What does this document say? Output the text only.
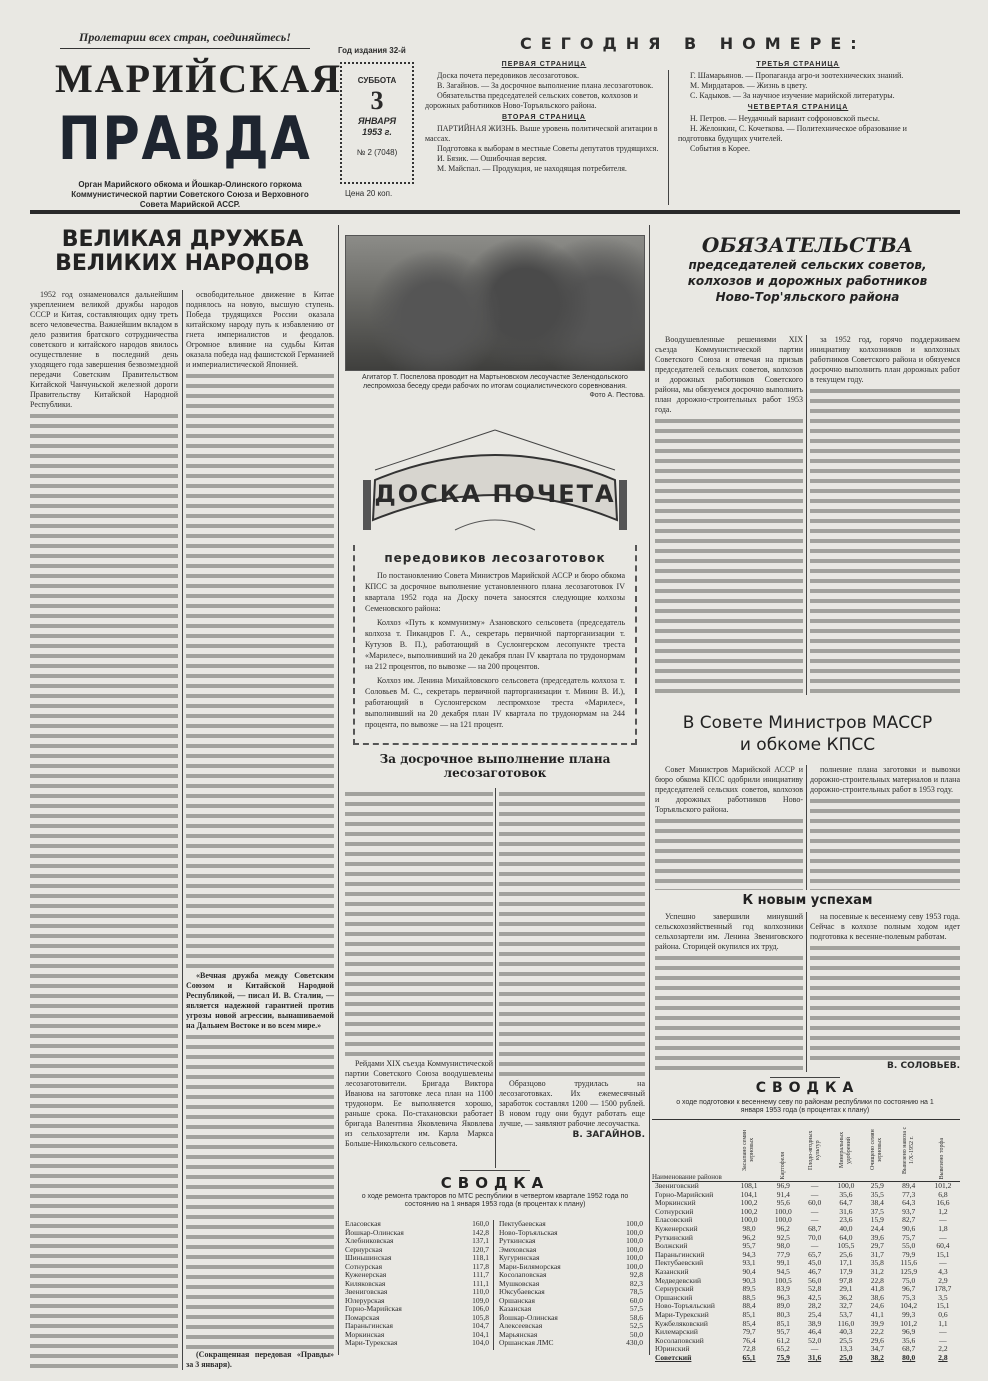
Пролетарии всех стран, соединяйтесь!
МАРИЙСКАЯ
ПРАВДА
Орган Марийского обкома и Йошкар-Олинского горкома Коммунистической партии Советского Союза и Верховного Совета Марийской АССР.
Год издания 32-й
СУББОТА
3
ЯНВАРЯ
1953 г.
№ 2 (7048)
Цена 20 коп.
СЕГОДНЯ В НОМЕРЕ:
ПЕРВАЯ СТРАНИЦА

Доска почета передовиков лесозаготовок.

В. Загайнов. — За досрочное выполнение плана лесозаготовок.

Обязательства председателей сельских советов, колхозов и дорожных работников Ново-Торъяльского района.

ВТОРАЯ СТРАНИЦА

ПАРТИЙНАЯ ЖИЗНЬ. Выше уровень политической агитации в массах.

Подготовка к выборам в местные Советы депутатов трудящихся.

И. Бязик. — Ошибочная версия.

М. Майспал. — Продукция, не находящая потребителя.

ТРЕТЬЯ СТРАНИЦА

Г. Шамарьянов. — Пропаганда агро-и зоотехнических знаний.

М. Мирдатаров. — Жизнь в цвету.

С. Кадыков. — За научное изучение марийской литературы.

ЧЕТВЕРТАЯ СТРАНИЦА

Н. Петров. — Неудачный вариант софроновской пьесы.

Н. Желонкин, С. Кочеткова. — Политехническое образование и подготовка будущих учителей.

События в Корее.

ВЕЛИКАЯ ДРУЖБА
ВЕЛИКИХ НАРОДОВ

1952 год ознаменовался дальнейшим укреплением великой дружбы народов СССР и Китая, составляющих одну треть всего человечества. Важнейшим вкладом в дело развития братского сотрудничества советского и китайского народов явилось осуществление в последний день уходящего года завершения безвозмездной передачи Советским Правительством Китайской Чанчуньской железной дороги Правительству Китайской Народной Республики.

освободительное движение в Китае поднялось на новую, высшую ступень. Победа трудящихся России оказала китайскому народу путь к избавлению от гнета империалистов и феодалов. Огромное влияние на судьбы Китая оказала победа над фашистской Германией и империалистической Японией.

«Вечная дружба между Советским Союзом и Китайской Народной Республикой, — писал И. В. Сталин, — является надежной гарантией против угрозы новой агрессии, вынашиваемой на Дальнем Востоке и во всем мире.»

(Сокращенная передовая «Правды» за 3 января).

Агитатор Т. Поспелова проводит на Мартыновском лесоучастке Зеленодольского леспромхоза беседу среди рабочих по итогам социалистического соревнования.
Фото А. Пестова.
ДОСКА ПОЧЕТА
передовиков лесозаготовок

По постановлению Совета Министров Марийской АССР и бюро обкома КПСС за досрочное выполнение установленного плана лесозаготовок IV квартала 1952 года на Доску почета заносятся следующие колхозы Семеновского района:

Колхоз «Путь к коммунизму» Азановского сельсовета (председатель колхоза т. Пикандров Г. А., секретарь первичной парторганизации т. Кутузов В. П.), работающий в Суслонгерском лесопункте треста «Марилес», выполнивший на 20 декабря план IV квартала по трудонормам на 212 процентов, по вывозке — на 200 процентов.

Колхоз им. Ленина Михайловского сельсовета (председатель колхоза т. Соловьев М. С., секретарь первичной парторганизации т. Минин В. И.), работающий в Суслонгерском леспромхозе треста «Марилес», выполнивший на 20 декабря план IV квартала по трудонормам на 244 процента, по вывозке — на 121 процент.

За досрочное выполнение плана лесозаготовок

Рейдами XIX съезда Коммунистической партии Советского Союза воодушевлены лесозаготовители. Бригада Виктора Иванова на заготовке леса план на 1100 трудонорм. Ее выполняется хорошо, раньше срока. По-стахановски работает бригада Валентина Яковлевича Яковлева из сельхозартели им. Карла Маркса Больше-Никольского сельсовета.

Образцово трудилась на лесозаготовках. Их ежемесячный заработок составлял 1200 — 1500 рублей. В новом году они будут работать еще лучше, — заявляют рабочие лесоучастка.

В. ЗАГАЙНОВ.
СВОДКА
о ходе ремонта тракторов по МТС республики в четвертом квартале 1952 года по состоянию на 1 января 1953 года (в процентах к плану)
Еласовская	160,0
Йошкар-Олинская	142,8
Хлебниковская	137,1
Сернурская	120,7
Шиньшинская	118,1
Сотнурская	117,8
Куженерская	111,7
Киляковская	111,1
Звениговская	110,0
Юлерурская	109,0
Горно-Марийская	106,0
Помарская	105,8
Параньгинская	104,7
Моркинская	104,1
Мари-Турекская	104,0
Пектубаевская	100,0
Ново-Торъяльская	100,0
Руткинская	100,0
Эмеховская	100,0
Кугуринская	100,0
Мари-Биляморская	100,0
Косолаповская	92,8
Мушковская	82,3
Юксубаевская	78,5
Оршанская	60,0
Казанская	57,5
Йошкар-Олинская	58,6
Алексеевская	52,5
Марьянская	50,0
Оршанская ЛМС	430,0
ОБЯЗАТЕЛЬСТВА
председателей сельских советов,
колхозов и дорожных работников
Ново-Тор'яльского района

Воодушевленные решениями XIX съезда Коммунистической партии Советского Союза и отвечая на призыв председателей сельских советов, колхозов и дорожных работников Советского района, мы обязуемся досрочно выполнить план дорожно-строительных работ 1953 года.

за 1952 год, горячо поддерживаем инициативу колхозников и колхозных работников Советского района и обязуемся досрочно выполнить план дорожных работ в текущем году.

В Совете Министров МАССР
и обкоме КПСС

Совет Министров Марийской АССР и бюро обкома КПСС одобрили инициативу председателей сельских советов, колхозов и дорожных работников Ново-Торъяльского района.

полнение плана заготовки и вывозки дорожно-строительных материалов и плана дорожно-строительных работ в 1953 году.

К новым успехам

Успешно завершили минувший сельскохозяйственный год колхозники сельхозартели им. Ленина Звениговского района. Сторицей окупился их труд.

на посевные к весеннему севу 1953 года. Сейчас в колхозе полным ходом идет подготовка к весенне-полевым работам.

В. СОЛОВЬЕВ.
СВОДКА
о ходе подготовки к весеннему севу по районам республики по состоянию на 1 января 1953 года (в процентах к плану)
Наименование районов	Засыпано семян зерновых	Картофеля	Плодо-ягодных культур	Минеральных удобрений	Очищено семян зерновых	Вывезено навоза с 1/X-1952 г.	Вывезено торфа
Звениговский	108,1	96,9	—	100,0	25,9	89,4	101,2
Горно-Марийский	104,1	91,4	—	35,6	35,5	77,3	6,8
Моркинский	100,2	95,6	60,0	64,7	38,4	64,3	16,6
Сотнурский	100,2	100,0	—	31,6	37,5	93,7	1,2
Еласовский	100,0	100,0	—	23,6	15,9	82,7	—
Куженерский	98,0	96,2	68,7	40,0	24,4	90,6	1,8
Руткинский	96,2	92,5	70,0	64,0	39,6	75,7	—
Волжский	95,7	98,0	—	105,5	29,7	55,0	60,4
Параньгинский	94,3	77,9	65,7	25,6	31,7	79,9	15,1
Пектубаевский	93,1	99,1	45,0	17,1	35,8	115,6	—
Казанский	90,4	94,5	46,7	17,9	31,2	125,9	4,3
Медведевский	90,3	100,5	56,0	97,8	22,8	75,0	2,9
Сернурский	89,5	83,9	52,8	29,1	41,8	96,7	178,7
Оршанский	88,5	96,3	42,5	36,2	38,6	75,3	3,5
Ново-Торъяльский	88,4	89,0	28,2	32,7	24,6	104,2	15,1
Мари-Турекский	85,1	80,3	25,4	53,7	41,1	99,3	0,6
Кужбеляковский	85,4	85,1	38,9	116,0	39,9	101,2	1,1
Килемарский	79,7	95,7	46,4	40,3	22,2	96,9	—
Косолаповский	76,4	61,2	52,0	25,5	29,6	35,6	—
Юринский	72,8	65,2	—	13,3	34,7	68,7	2,2
Советский	65,1	75,9	31,6	25,0	38,2	80,0	2,8
